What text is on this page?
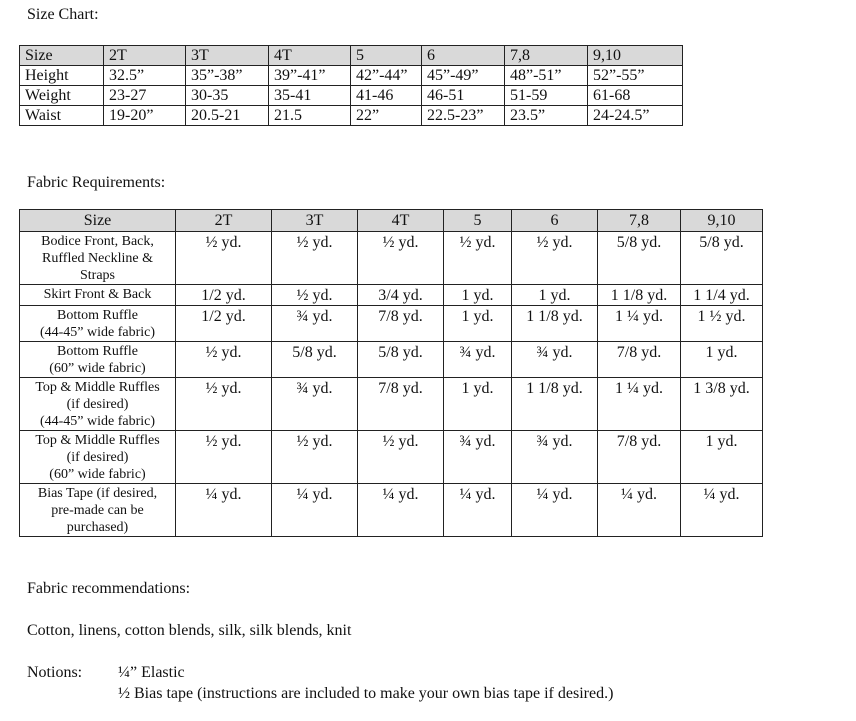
Size Chart:
Size	2T	3T	4T	5	6	7,8	9,10
Height	32.5”	35”-38”	39”-41”	42”-44”	45”-49”	48”-51”	52”-55”
Weight	23-27	30-35	35-41	41-46	46-51	51-59	61-68
Waist	19-20”	20.5-21	21.5	22”	22.5-23”	23.5”	24-24.5”
Fabric Requirements:
Size	2T	3T	4T	5	6	7,8	9,10

Bodice Front, Back,
Ruffled Neckline &
Straps	½ yd.	½ yd.	½ yd.	½ yd.	½ yd.	5/8 yd.	5/8 yd.

Skirt Front & Back	1/2 yd.	½ yd.	3/4 yd.	1 yd.	1 yd.	1 1/8 yd.	1 1/4 yd.

Bottom Ruffle
(44-45” wide fabric)	1/2 yd.	¾ yd.	7/8 yd.	1 yd.	1 1/8 yd.	1 ¼ yd.	1 ½ yd.

Bottom Ruffle
(60” wide fabric)	½ yd.	5/8 yd.	5/8 yd.	¾ yd.	¾ yd.	7/8 yd.	1 yd.

Top & Middle Ruffles
(if desired)
(44-45” wide fabric)	½ yd.	¾ yd.	7/8 yd.	1 yd.	1 1/8 yd.	1 ¼ yd.	1 3/8 yd.

Top & Middle Ruffles
(if desired)
(60” wide fabric)	½ yd.	½ yd.	½ yd.	¾ yd.	¾ yd.	7/8 yd.	1 yd.

Bias Tape (if desired,
pre-made can be
purchased)	¼ yd.	¼ yd.	¼ yd.	¼ yd.	¼ yd.	¼ yd.	¼ yd.
Fabric recommendations:
Cotton, linens, cotton blends, silk, silk blends, knit
Notions: ¼” Elastic
½ Bias tape (instructions are included to make your own bias tape if desired.)
